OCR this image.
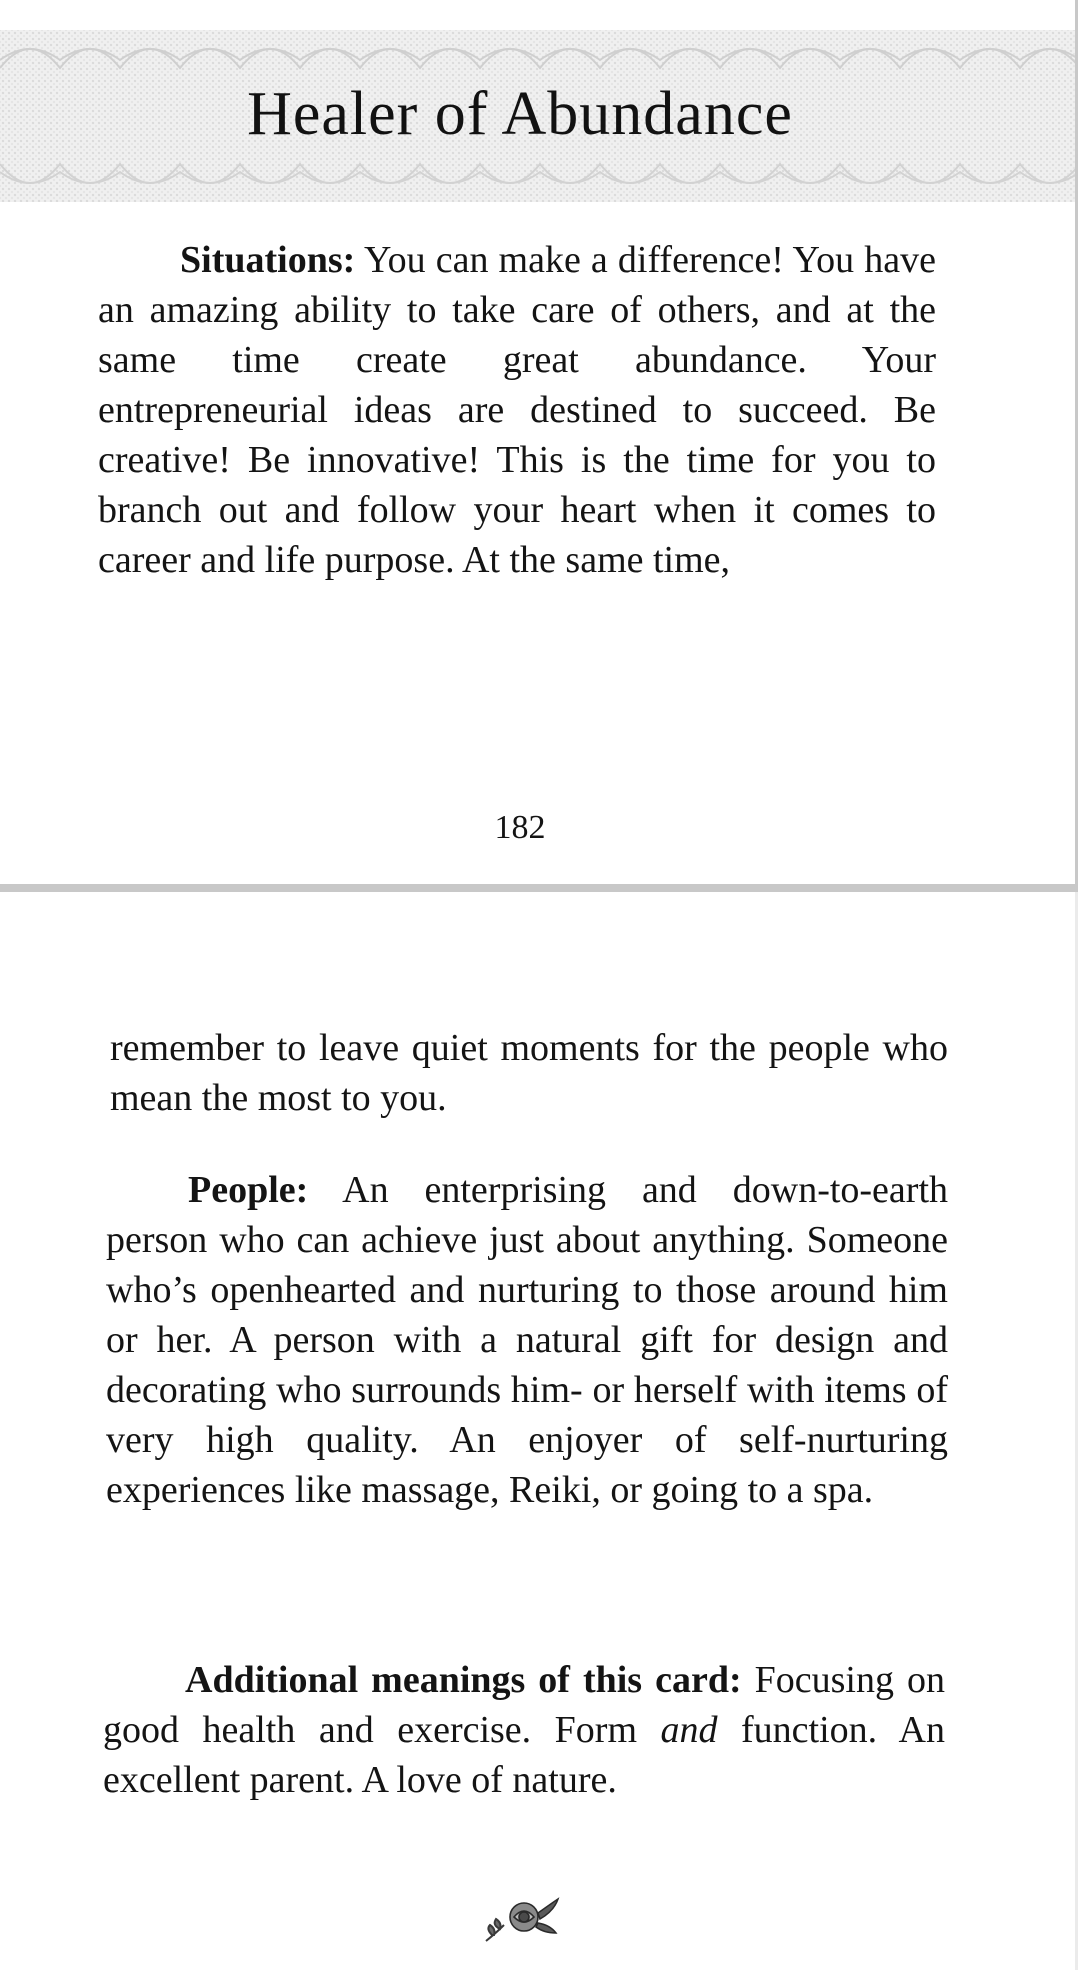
Healer of Abundance

Situations: You can make a difference! You have an amazing ability to take care of others, and at the same time create great abundance. Your entrepreneurial ideas are destined to succeed. Be creative! Be innovative! This is the time for you to branch out and follow your heart when it comes to career and life purpose. At the same time,

182

remember to leave quiet moments for the people who mean the most to you.

People: An enterprising and down-to-earth person who can achieve just about anything. Someone who’s openhearted and nurturing to those around him or her. A person with a natural gift for design and decorating who surrounds him- or herself with items of very high quality. An enjoyer of self-nurturing experiences like massage, Reiki, or going to a spa.

Additional meanings of this card: Focusing on good health and exercise. Form and function. An excellent parent. A love of nature.
